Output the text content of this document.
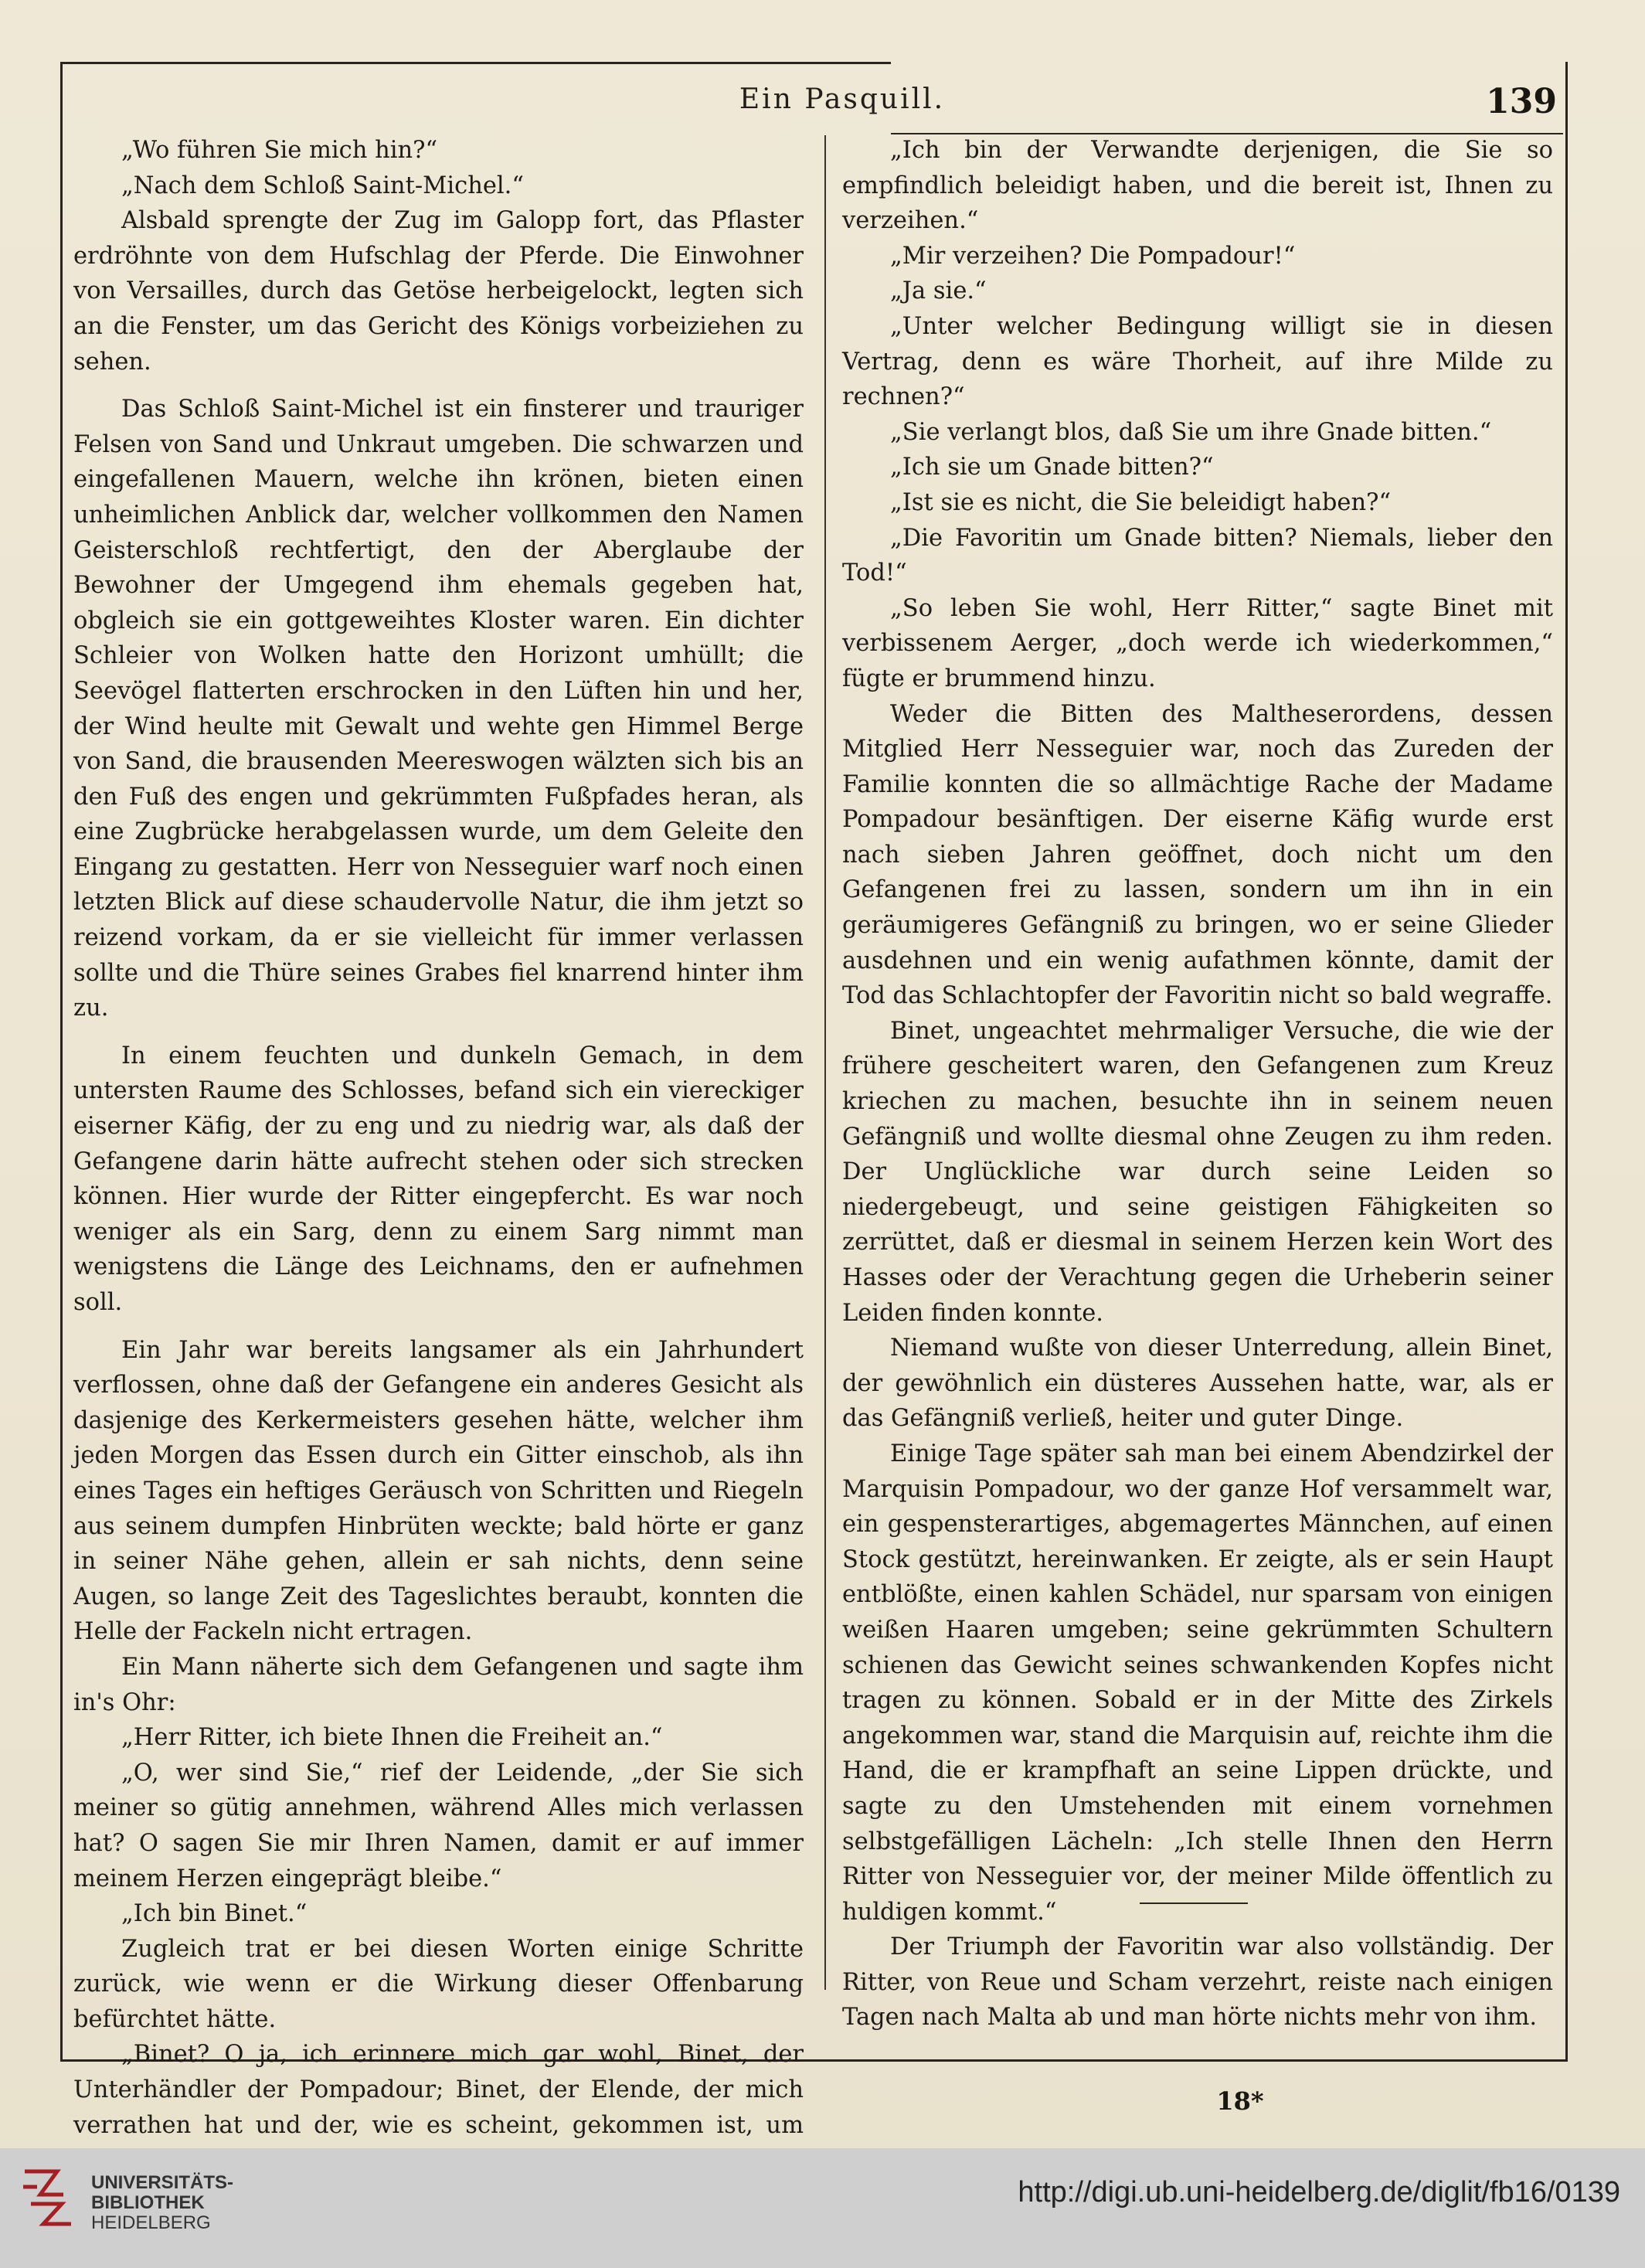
Ein Pasquill.	139

„Wo führen Sie mich hin?“

„Nach dem Schloß Saint-Michel.“

Alsbald sprengte der Zug im Galopp fort, das Pflaster erdröhnte von dem Hufschlag der Pferde. Die Einwohner von Versailles, durch das Getöse herbeigelockt, legten sich an die Fenster, um das Gericht des Königs vorbeiziehen zu sehen.

Das Schloß Saint-Michel ist ein finsterer und trauriger Felsen von Sand und Unkraut umgeben. Die schwarzen und eingefallenen Mauern, welche ihn krönen, bieten einen unheimlichen Anblick dar, welcher vollkommen den Namen Geisterschloß rechtfertigt, den der Aberglaube der Bewohner der Umgegend ihm ehemals gegeben hat, obgleich sie ein gottgeweihtes Kloster waren. Ein dichter Schleier von Wolken hatte den Horizont umhüllt; die Seevögel flatterten erschrocken in den Lüften hin und her, der Wind heulte mit Gewalt und wehte gen Himmel Berge von Sand, die brausenden Meereswogen wälzten sich bis an den Fuß des engen und gekrümmten Fußpfades heran, als eine Zugbrücke herabgelassen wurde, um dem Geleite den Eingang zu gestatten. Herr von Nesseguier warf noch einen letzten Blick auf diese schaudervolle Natur, die ihm jetzt so reizend vorkam, da er sie vielleicht für immer verlassen sollte und die Thüre seines Grabes fiel knarrend hinter ihm zu.

In einem feuchten und dunkeln Gemach, in dem untersten Raume des Schlosses, befand sich ein viereckiger eiserner Käfig, der zu eng und zu niedrig war, als daß der Gefangene darin hätte aufrecht stehen oder sich strecken können. Hier wurde der Ritter eingepfercht. Es war noch weniger als ein Sarg, denn zu einem Sarg nimmt man wenigstens die Länge des Leichnams, den er aufnehmen soll.

Ein Jahr war bereits langsamer als ein Jahrhundert verflossen, ohne daß der Gefangene ein anderes Gesicht als dasjenige des Kerkermeisters gesehen hätte, welcher ihm jeden Morgen das Essen durch ein Gitter einschob, als ihn eines Tages ein heftiges Geräusch von Schritten und Riegeln aus seinem dumpfen Hinbrüten weckte; bald hörte er ganz in seiner Nähe gehen, allein er sah nichts, denn seine Augen, so lange Zeit des Tageslichtes beraubt, konnten die Helle der Fackeln nicht ertragen.

Ein Mann näherte sich dem Gefangenen und sagte ihm in's Ohr:

„Herr Ritter, ich biete Ihnen die Freiheit an.“

„O, wer sind Sie,“ rief der Leidende, „der Sie sich meiner so gütig annehmen, während Alles mich verlassen hat? O sagen Sie mir Ihren Namen, damit er auf immer meinem Herzen eingeprägt bleibe.“

„Ich bin Binet.“

Zugleich trat er bei diesen Worten einige Schritte zurück, wie wenn er die Wirkung dieser Offenbarung befürchtet hätte.

„Binet? O ja, ich erinnere mich gar wohl, Binet, der Unterhändler der Pompadour; Binet, der Elende, der mich verrathen hat und der, wie es scheint, gekommen ist, um

„Ich bin der Verwandte derjenigen, die Sie so empfindlich beleidigt haben, und die bereit ist, Ihnen zu verzeihen.“

„Mir verzeihen? Die Pompadour!“

„Ja sie.“

„Unter welcher Bedingung willigt sie in diesen Vertrag, denn es wäre Thorheit, auf ihre Milde zu rechnen?“

„Sie verlangt blos, daß Sie um ihre Gnade bitten.“

„Ich sie um Gnade bitten?“

„Ist sie es nicht, die Sie beleidigt haben?“

„Die Favoritin um Gnade bitten? Niemals, lieber den Tod!“

„So leben Sie wohl, Herr Ritter,“ sagte Binet mit verbissenem Aerger, „doch werde ich wiederkommen,“ fügte er brummend hinzu.

Weder die Bitten des Maltheserordens, dessen Mitglied Herr Nesseguier war, noch das Zureden der Familie konnten die so allmächtige Rache der Madame Pompadour besänftigen. Der eiserne Käfig wurde erst nach sieben Jahren geöffnet, doch nicht um den Gefangenen frei zu lassen, sondern um ihn in ein geräumigeres Gefängniß zu bringen, wo er seine Glieder ausdehnen und ein wenig aufathmen könnte, damit der Tod das Schlachtopfer der Favoritin nicht so bald wegraffe.

Binet, ungeachtet mehrmaliger Versuche, die wie der frühere gescheitert waren, den Gefangenen zum Kreuz kriechen zu machen, besuchte ihn in seinem neuen Gefängniß und wollte diesmal ohne Zeugen zu ihm reden. Der Unglückliche war durch seine Leiden so niedergebeugt, und seine geistigen Fähigkeiten so zerrüttet, daß er diesmal in seinem Herzen kein Wort des Hasses oder der Verachtung gegen die Urheberin seiner Leiden finden konnte.

Niemand wußte von dieser Unterredung, allein Binet, der gewöhnlich ein düsteres Aussehen hatte, war, als er das Gefängniß verließ, heiter und guter Dinge.

Einige Tage später sah man bei einem Abendzirkel der Marquisin Pompadour, wo der ganze Hof versammelt war, ein gespensterartiges, abgemagertes Männchen, auf einen Stock gestützt, hereinwanken. Er zeigte, als er sein Haupt entblößte, einen kahlen Schädel, nur sparsam von einigen weißen Haaren umgeben; seine gekrümmten Schultern schienen das Gewicht seines schwankenden Kopfes nicht tragen zu können. Sobald er in der Mitte des Zirkels angekommen war, stand die Marquisin auf, reichte ihm die Hand, die er krampfhaft an seine Lippen drückte, und sagte zu den Umstehenden mit einem vornehmen selbstgefälligen Lächeln: „Ich stelle Ihnen den Herrn Ritter von Nesseguier vor, der meiner Milde öffentlich zu huldigen kommt.“

Der Triumph der Favoritin war also vollständig. Der Ritter, von Reue und Scham verzehrt, reiste nach einigen Tagen nach Malta ab und man hörte nichts mehr von ihm.

18*
UNIVERSITÄTS-
BIBLIOTHEK
HEIDELBERG
http://digi.ub.uni-heidelberg.de/diglit/fb16/0139
